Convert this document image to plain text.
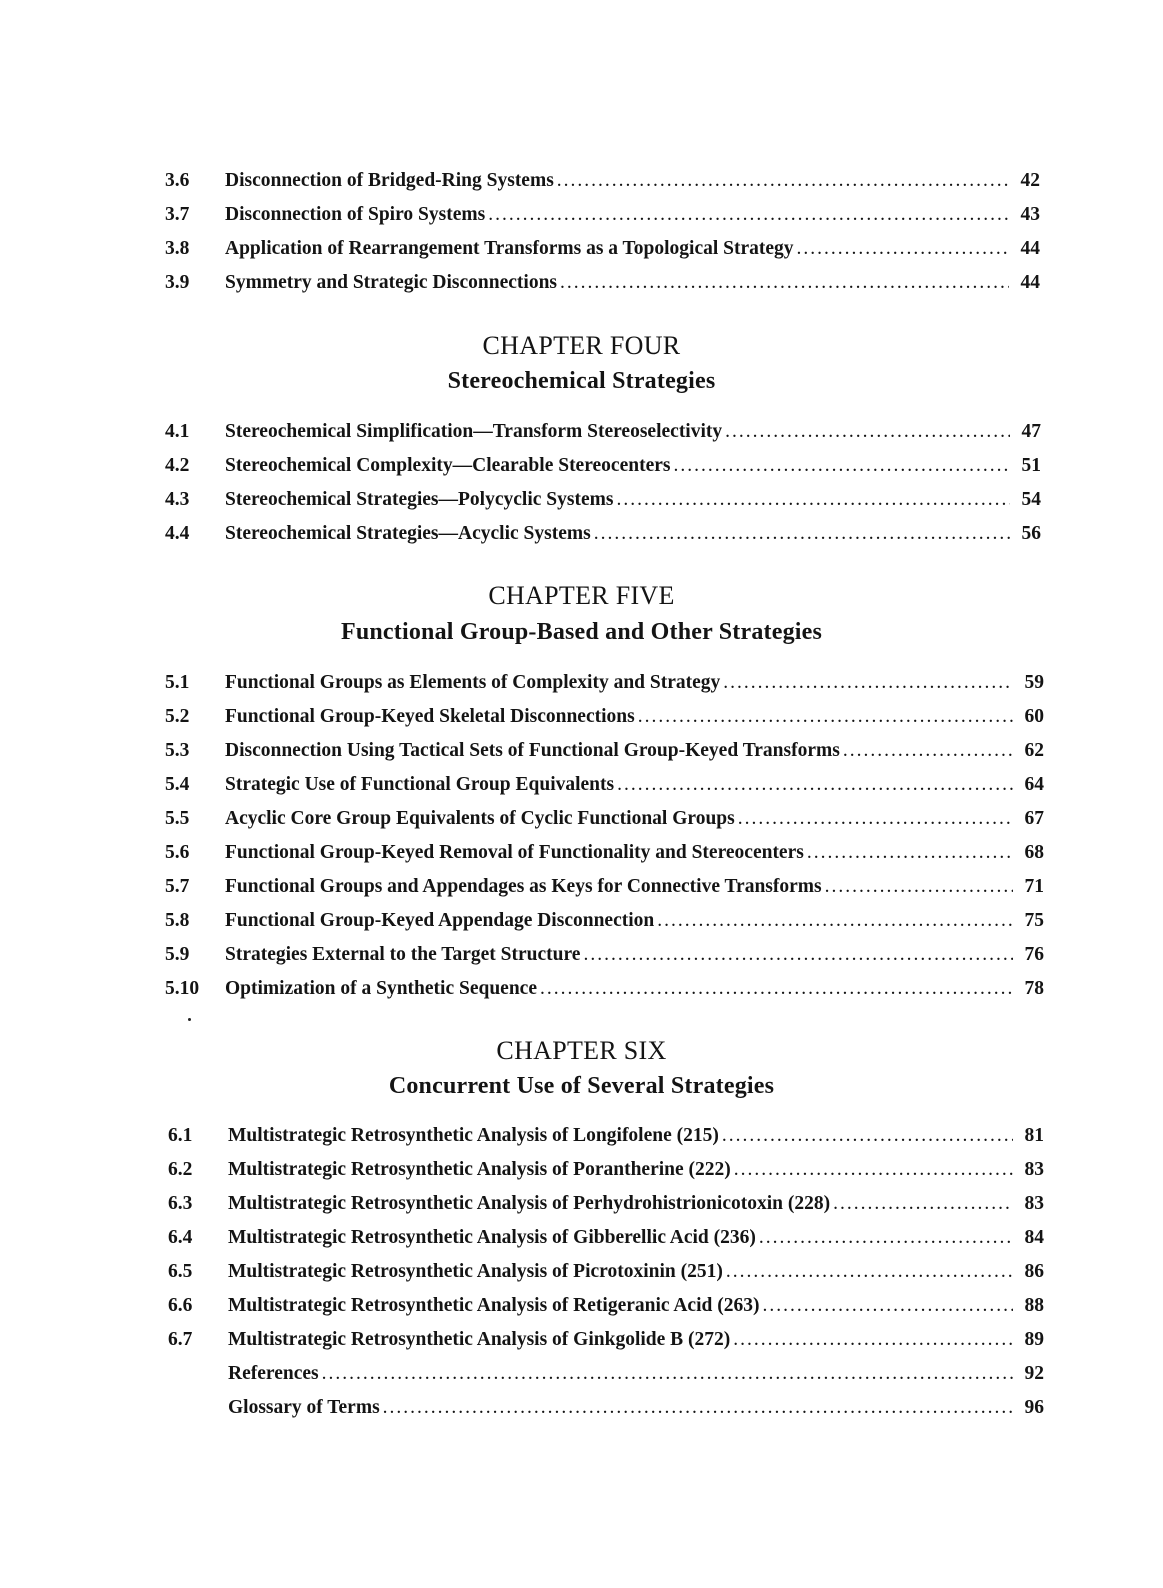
3.6	Disconnection of Bridged-Ring Systems .....	42
3.7	Disconnection of Spiro Systems .....	43
3.8	Application of Rearrangement Transforms as a Topological Strategy .....	44
3.9	Symmetry and Strategic Disconnections .....	44
CHAPTER FOUR
Stereochemical Strategies
4.1	Stereochemical Simplification—Transform Stereoselectivity .....	47
4.2	Stereochemical Complexity—Clearable Stereocenters .....	51
4.3	Stereochemical Strategies—Polycyclic Systems .....	54
4.4	Stereochemical Strategies—Acyclic Systems .....	56
CHAPTER FIVE
Functional Group-Based and Other Strategies
5.1	Functional Groups as Elements of Complexity and Strategy .....	59
5.2	Functional Group-Keyed Skeletal Disconnections .....	60
5.3	Disconnection Using Tactical Sets of Functional Group-Keyed Transforms .....	62
5.4	Strategic Use of Functional Group Equivalents .....	64
5.5	Acyclic Core Group Equivalents of Cyclic Functional Groups .....	67
5.6	Functional Group-Keyed Removal of Functionality and Stereocenters .....	68
5.7	Functional Groups and Appendages as Keys for Connective Transforms .....	71
5.8	Functional Group-Keyed Appendage Disconnection .....	75
5.9	Strategies External to the Target Structure .....	76
5.10	Optimization of a Synthetic Sequence .....	78
CHAPTER SIX
Concurrent Use of Several Strategies
6.1	Multistrategic Retrosynthetic Analysis of Longifolene (215) .....	81
6.2	Multistrategic Retrosynthetic Analysis of Porantherine (222) .....	83
6.3	Multistrategic Retrosynthetic Analysis of Perhydrohistrionicotoxin (228) .....	83
6.4	Multistrategic Retrosynthetic Analysis of Gibberellic Acid (236) .....	84
6.5	Multistrategic Retrosynthetic Analysis of Picrotoxinin (251) .....	86
6.6	Multistrategic Retrosynthetic Analysis of Retigeranic Acid (263) .....	88
6.7	Multistrategic Retrosynthetic Analysis of Ginkgolide B (272) .....	89
References .....	92
Glossary of Terms .....	96
